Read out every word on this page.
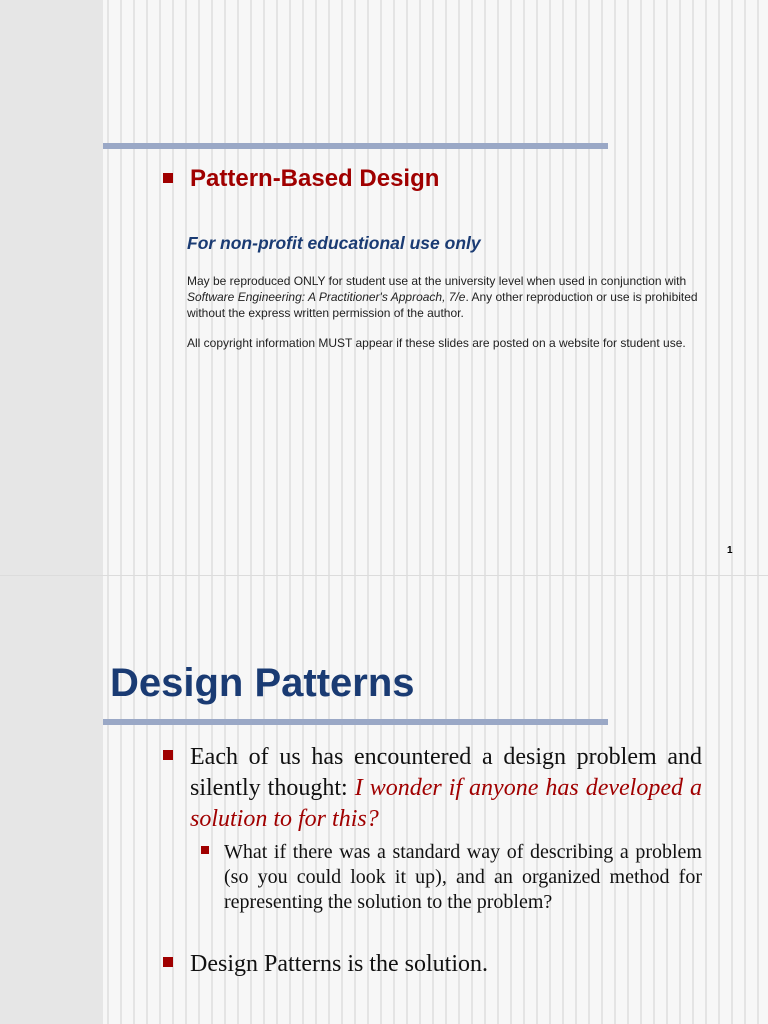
Pattern-Based Design
For non-profit educational use only
May be reproduced ONLY for student use at the university level when used in conjunction with Software Engineering: A Practitioner's Approach, 7/e. Any other reproduction or use is prohibited without the express written permission of the author.
All copyright information MUST appear if these slides are posted on a website for student use.
1
Design Patterns
Each of us has encountered a design problem and silently thought: I wonder if anyone has developed a solution to for this?
What if there was a standard way of describing a problem (so you could look it up), and an organized method for representing the solution to the problem?
Design Patterns is the solution.
